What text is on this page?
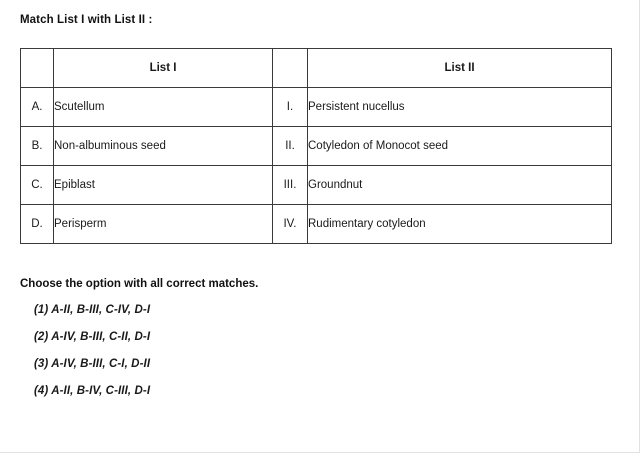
Match List I with List II :
	List I		List II
A.	Scutellum	I.	Persistent nucellus
B.	Non-albuminous seed	II.	Cotyledon of Monocot seed
C.	Epiblast	III.	Groundnut
D.	Perisperm	IV.	Rudimentary cotyledon
Choose the option with all correct matches.
(1) A-II, B-III, C-IV, D-I
(2) A-IV, B-III, C-II, D-I
(3) A-IV, B-III, C-I, D-II
(4) A-II, B-IV, C-III, D-I
